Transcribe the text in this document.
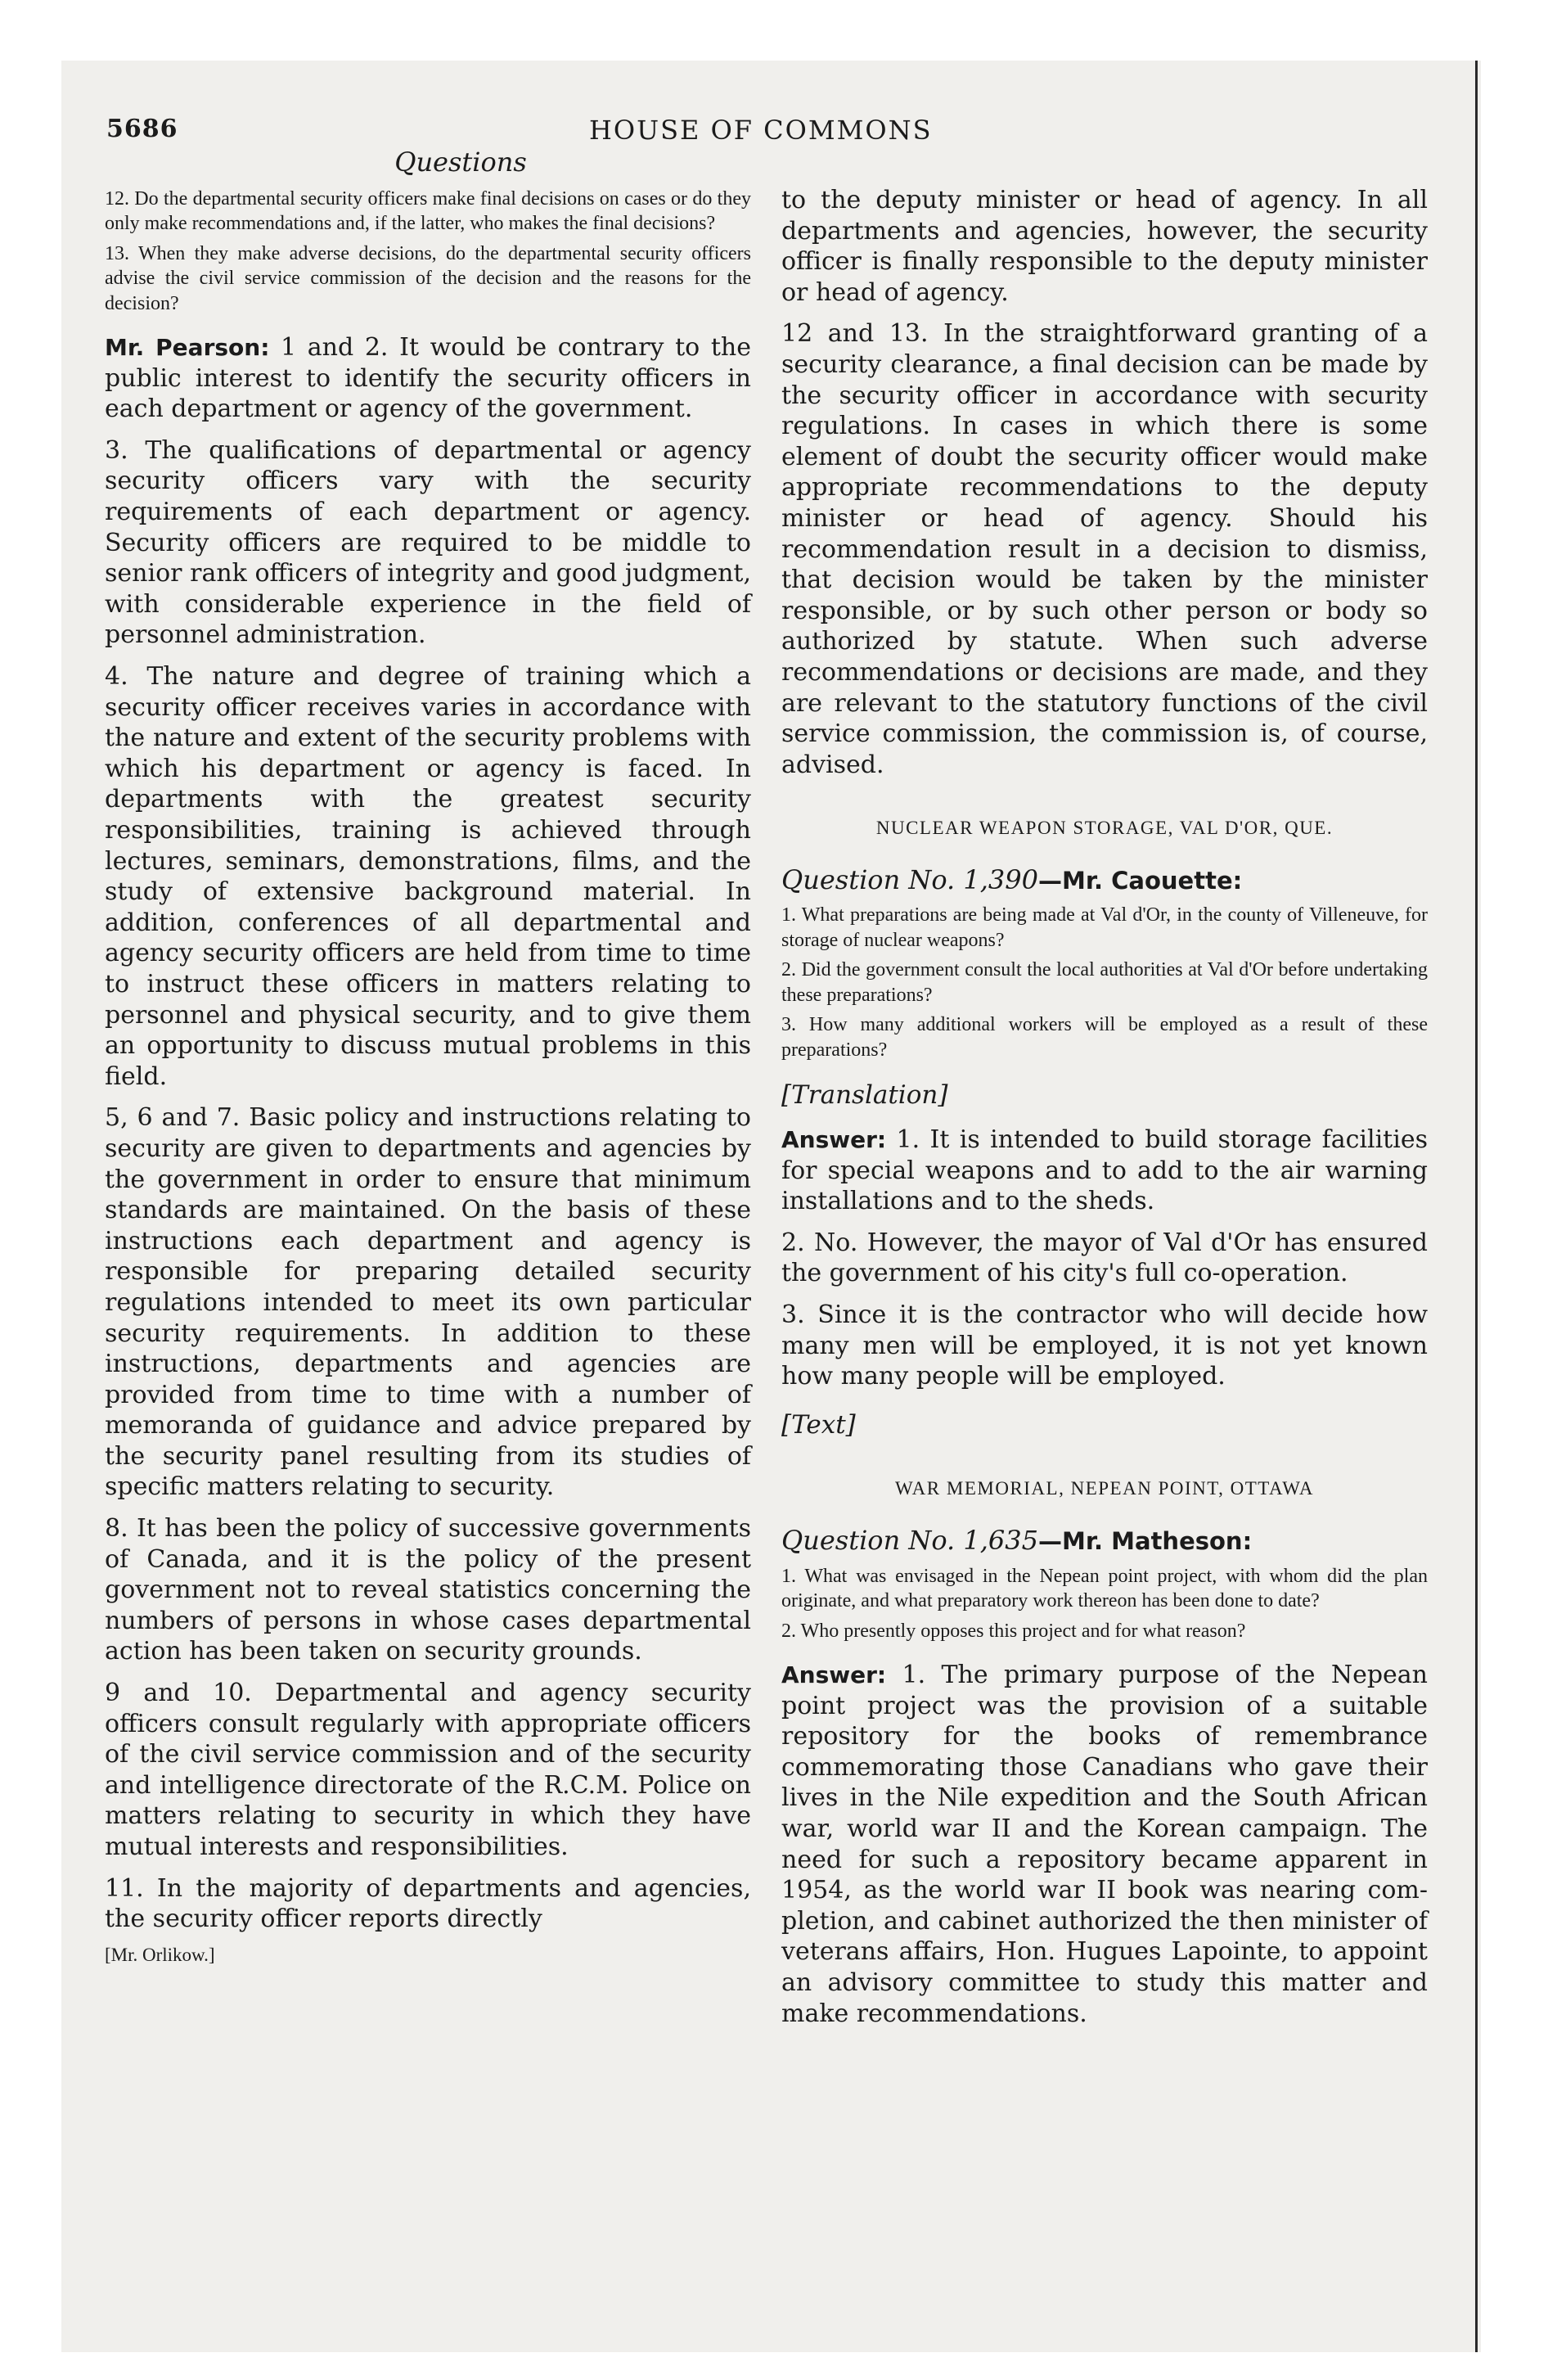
5686	HOUSE OF COMMONS
Questions

12. Do the departmental security officers make final decisions on cases or do they only make recommendations and, if the latter, who makes the final decisions?

13. When they make adverse decisions, do the departmental security officers advise the civil service commission of the decision and the reasons for the decision?

Mr. Pearson: 1 and 2. It would be contrary to the public interest to identify the security officers in each department or agency of the government.

3. The qualifications of departmental or agency security officers vary with the security requirements of each department or agency. Security officers are required to be middle to senior rank officers of integrity and good judgment, with considerable experience in the field of personnel administration.

4. The nature and degree of training which a security officer receives varies in accordance with the nature and extent of the security problems with which his department or agency is faced. In departments with the greatest security responsibilities, training is achieved through lectures, seminars, demonstrations, films, and the study of extensive background material. In addition, conferences of all departmental and agency security officers are held from time to time to instruct these officers in matters relating to personnel and physical security, and to give them an opportunity to discuss mutual problems in this field.

5, 6 and 7. Basic policy and instructions relating to security are given to departments and agencies by the government in order to ensure that minimum standards are maintained. On the basis of these instructions each department and agency is responsible for preparing detailed security regulations intended to meet its own particular security requirements. In addition to these instructions, departments and agencies are provided from time to time with a number of memoranda of guidance and advice prepared by the security panel resulting from its studies of specific matters relating to security.

8. It has been the policy of successive governments of Canada, and it is the policy of the present government not to reveal statistics concerning the numbers of persons in whose cases departmental action has been taken on security grounds.

9 and 10. Departmental and agency security officers consult regularly with appropriate officers of the civil service commission and of the security and intelligence directorate of the R.C.M. Police on matters relating to security in which they have mutual interests and responsibilities.

11. In the majority of departments and agencies, the security officer reports directly

[Mr. Orlikow.]

to the deputy minister or head of agency. In all departments and agencies, however, the security officer is finally responsible to the deputy minister or head of agency.

12 and 13. In the straightforward granting of a security clearance, a final decision can be made by the security officer in accordance with security regulations. In cases in which there is some element of doubt the security officer would make appropriate recommendations to the deputy minister or head of agency. Should his recommendation result in a decision to dismiss, that decision would be taken by the minister responsible, or by such other person or body so authorized by statute. When such adverse recommendations or decisions are made, and they are relevant to the statutory functions of the civil service commission, the commission is, of course, advised.

NUCLEAR WEAPON STORAGE, VAL D'OR, QUE.

Question No. 1,390—Mr. Caouette:

1. What preparations are being made at Val d'Or, in the county of Villeneuve, for storage of nuclear weapons?

2. Did the government consult the local authorities at Val d'Or before undertaking these preparations?

3. How many additional workers will be employed as a result of these preparations?

[Translation]

Answer: 1. It is intended to build storage facilities for special weapons and to add to the air warning installations and to the sheds.

2. No. However, the mayor of Val d'Or has ensured the government of his city's full co-operation.

3. Since it is the contractor who will decide how many men will be employed, it is not yet known how many people will be employed.

[Text]
WAR MEMORIAL, NEPEAN POINT, OTTAWA

Question No. 1,635—Mr. Matheson:

1. What was envisaged in the Nepean point project, with whom did the plan originate, and what preparatory work thereon has been done to date?

2. Who presently opposes this project and for what reason?

Answer: 1. The primary purpose of the Nepean point project was the provision of a suitable repository for the books of remembrance commemorating those Canadians who gave their lives in the Nile expedition and the South African war, world war II and the Korean campaign. The need for such a repository became apparent in 1954, as the world war II book was nearing completion, and cabinet authorized the then minister of veterans affairs, Hon. Hugues Lapointe, to appoint an advisory committee to study this matter and make recommendations.
